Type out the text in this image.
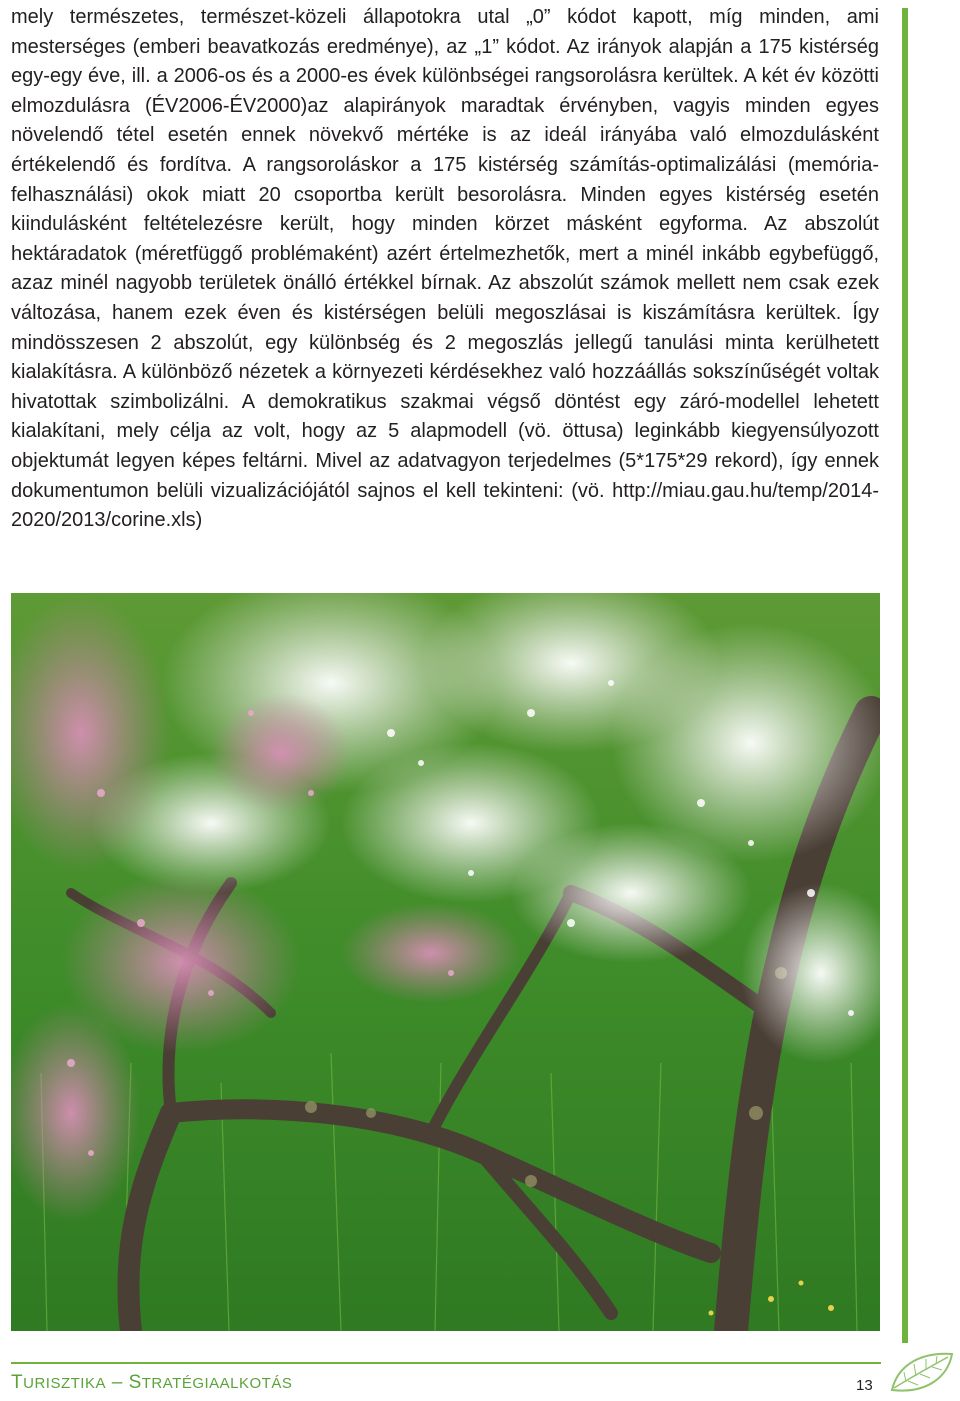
mely természetes, természet-közeli állapotokra utal „0” kódot kapott, míg minden, ami mesterséges (emberi beavatkozás eredménye), az „1” kódot. Az irányok alapján a 175 kistérség egy-egy éve, ill. a 2006-os és a 2000-es évek különbségei rangsorolásra kerültek. A két év közötti elmozdulásra (ÉV2006-ÉV2000)az alapirányok maradtak érvényben, vagyis minden egyes növelendő tétel esetén ennek növekvő mértéke is az ideál irányába való elmozdulásként értékelendő és fordítva. A rangsoroláskor a 175 kistérség számítás-optimalizálási (memória-felhasználási) okok miatt 20 csoportba került besorolásra. Minden egyes kistérség esetén kiindulásként feltételezésre került, hogy minden körzet másként egyforma. Az abszolút hektáradatok (méretfüggő problémaként) azért értelmezhetők, mert a minél inkább egybefüggő, azaz minél nagyobb területek önálló értékkel bírnak. Az abszolút számok mellett nem csak ezek változása, hanem ezek éven és kistérségen belüli megoszlásai is kiszámításra kerültek. Így mindösszesen 2 abszolút, egy különbség és 2 megoszlás jellegű tanulási minta kerülhetett kialakításra. A különböző nézetek a környezeti kérdésekhez való hozzáállás sokszínűségét voltak hivatottak szimbolizálni. A demokratikus szakmai végső döntést egy záró-modellel lehetett kialakítani, mely célja az volt, hogy az 5 alapmodell (vö. öttusa) leginkább kiegyensúlyozott objektumát legyen képes feltárni. Mivel az adatvagyon terjedelmes (5*175*29 rekord), így ennek dokumentumon belüli vizualizációjától sajnos el kell tekinteni: (vö. http://miau.gau.hu/temp/2014-2020/2013/corine.xls)

TURISZTIKA – STRATÉGIAALKOTÁS	13
